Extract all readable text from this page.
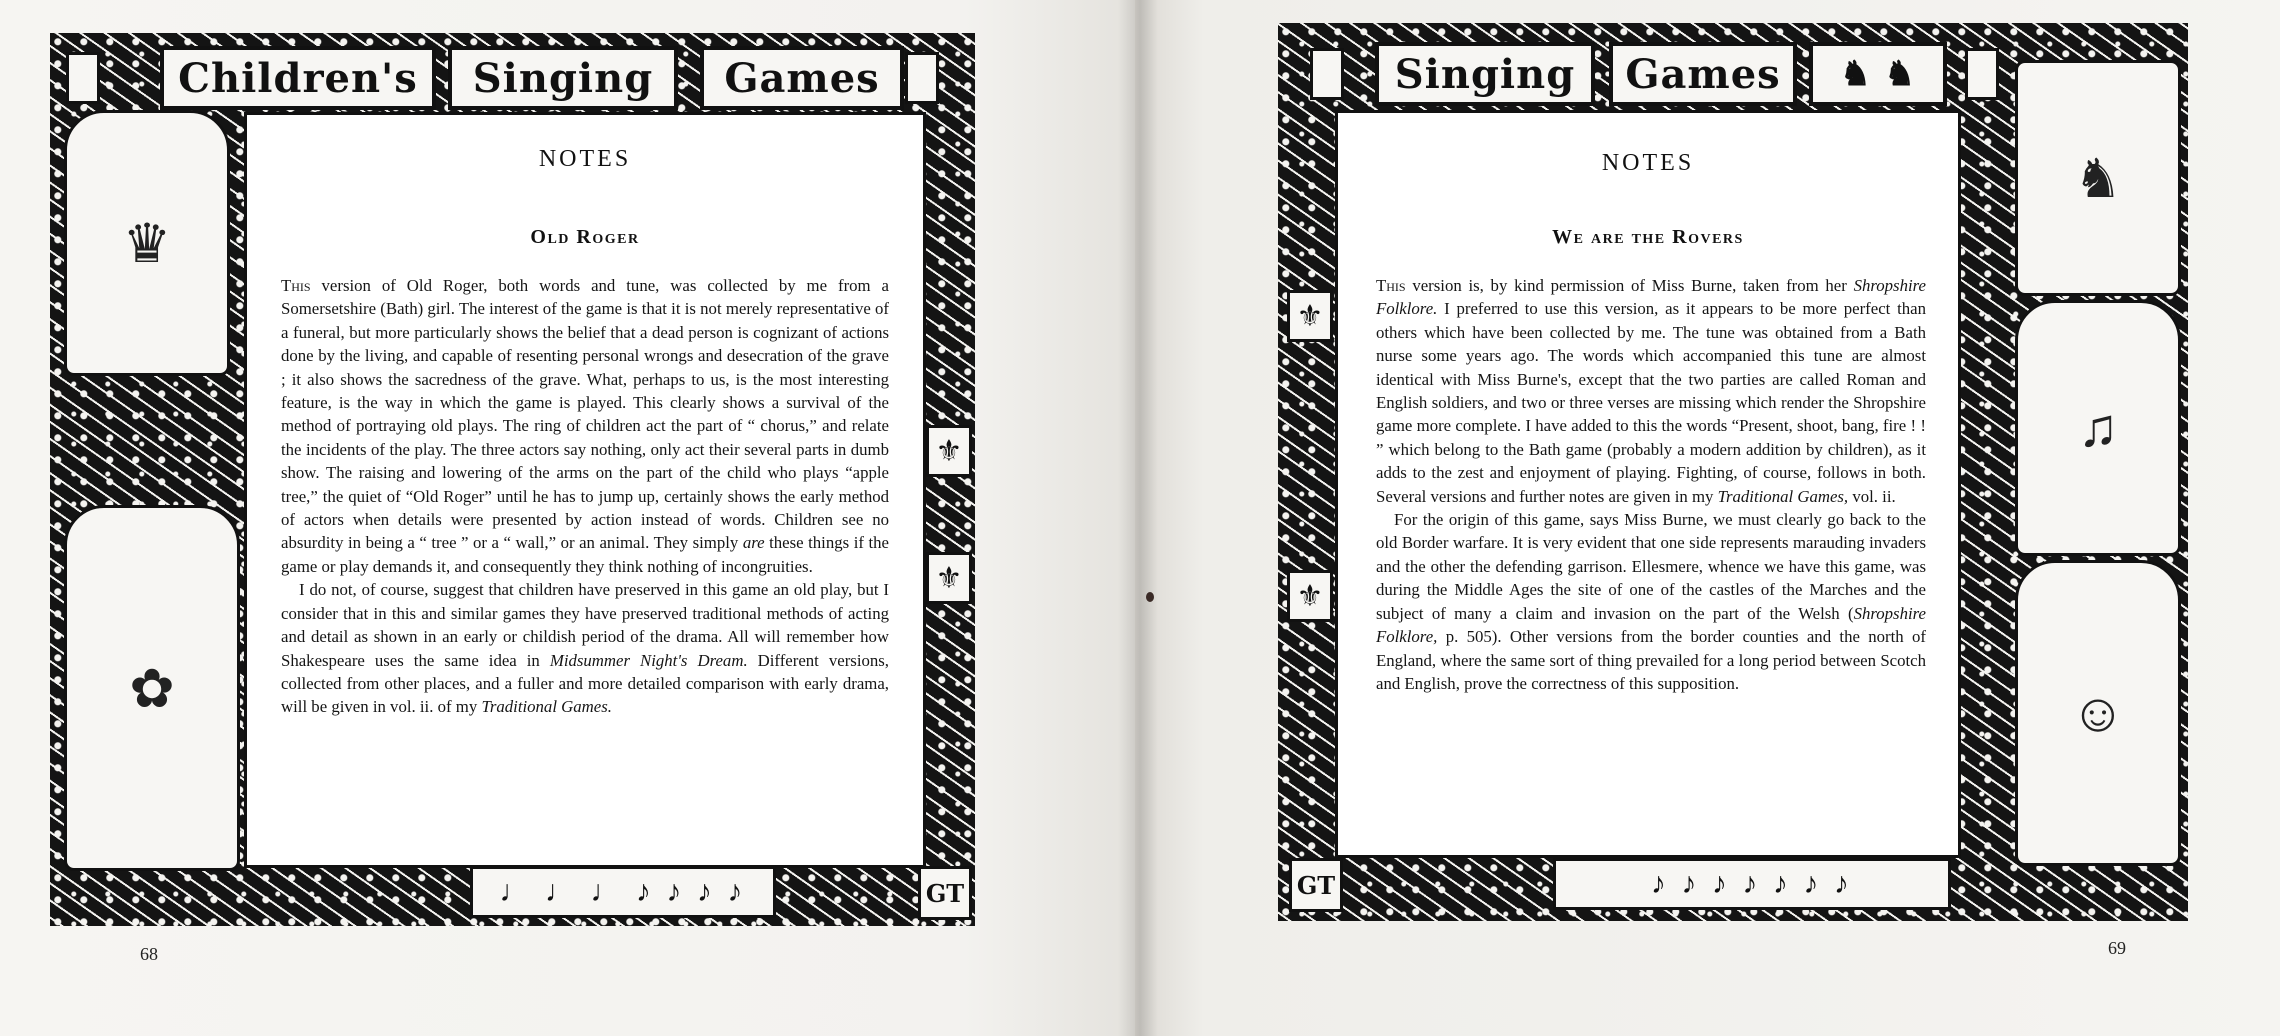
Children's	Singing	Games
♛
✿
⚜
⚜
♩ ♩ ♩ ♪ ♪ ♪ ♪	GT
NOTES
Old Roger

This version of Old Roger, both words and tune, was collected by me from a Somersetshire (Bath) girl. The interest of the game is that it is not merely representative of a funeral, but more particularly shows the belief that a dead person is cognizant of actions done by the living, and capable of resenting personal wrongs and desecration of the grave ; it also shows the sacredness of the grave. What, perhaps to us, is the most interesting feature, is the way in which the game is played. This clearly shows a survival of the method of portraying old plays. The ring of children act the part of “ chorus,” and relate the incidents of the play. The three actors say nothing, only act their several parts in dumb show. The raising and lowering of the arms on the part of the child who plays “apple tree,” the quiet of “Old Roger” until he has to jump up, certainly shows the early method of actors when details were presented by action instead of words. Children see no absurdity in being a “ tree ” or a “ wall,” or an animal. They simply are these things if the game or play demands it, and consequently they think nothing of incongruities.

I do not, of course, suggest that children have preserved in this game an old play, but I consider that in this and similar games they have preserved traditional methods of acting and detail as shown in an early or childish period of the drama. All will remember how Shakespeare uses the same idea in Midsummer Night's Dream. Different versions, collected from other places, and a fuller and more detailed comparison with early drama, will be given in vol. ii. of my Traditional Games.

68
Singing	Games	♞ ♞
♞
♫
☺
⚜
⚜
GT	♪ ♪ ♪ ♪ ♪ ♪ ♪
NOTES
We are the Rovers

This version is, by kind permission of Miss Burne, taken from her Shropshire Folklore. I preferred to use this version, as it appears to be more perfect than others which have been collected by me. The tune was obtained from a Bath nurse some years ago. The words which accompanied this tune are almost identical with Miss Burne's, except that the two parties are called Roman and English soldiers, and two or three verses are missing which render the Shropshire game more complete. I have added to this the words “Present, shoot, bang, fire ! ! ” which belong to the Bath game (probably a modern addition by children), as it adds to the zest and enjoyment of playing. Fighting, of course, follows in both. Several versions and further notes are given in my Traditional Games, vol. ii.

For the origin of this game, says Miss Burne, we must clearly go back to the old Border warfare. It is very evident that one side represents marauding invaders and the other the defending garrison. Ellesmere, whence we have this game, was during the Middle Ages the site of one of the castles of the Marches and the subject of many a claim and invasion on the part of the Welsh (Shropshire Folklore, p. 505). Other versions from the border counties and the north of England, where the same sort of thing prevailed for a long period between Scotch and English, prove the correctness of this supposition.

69
